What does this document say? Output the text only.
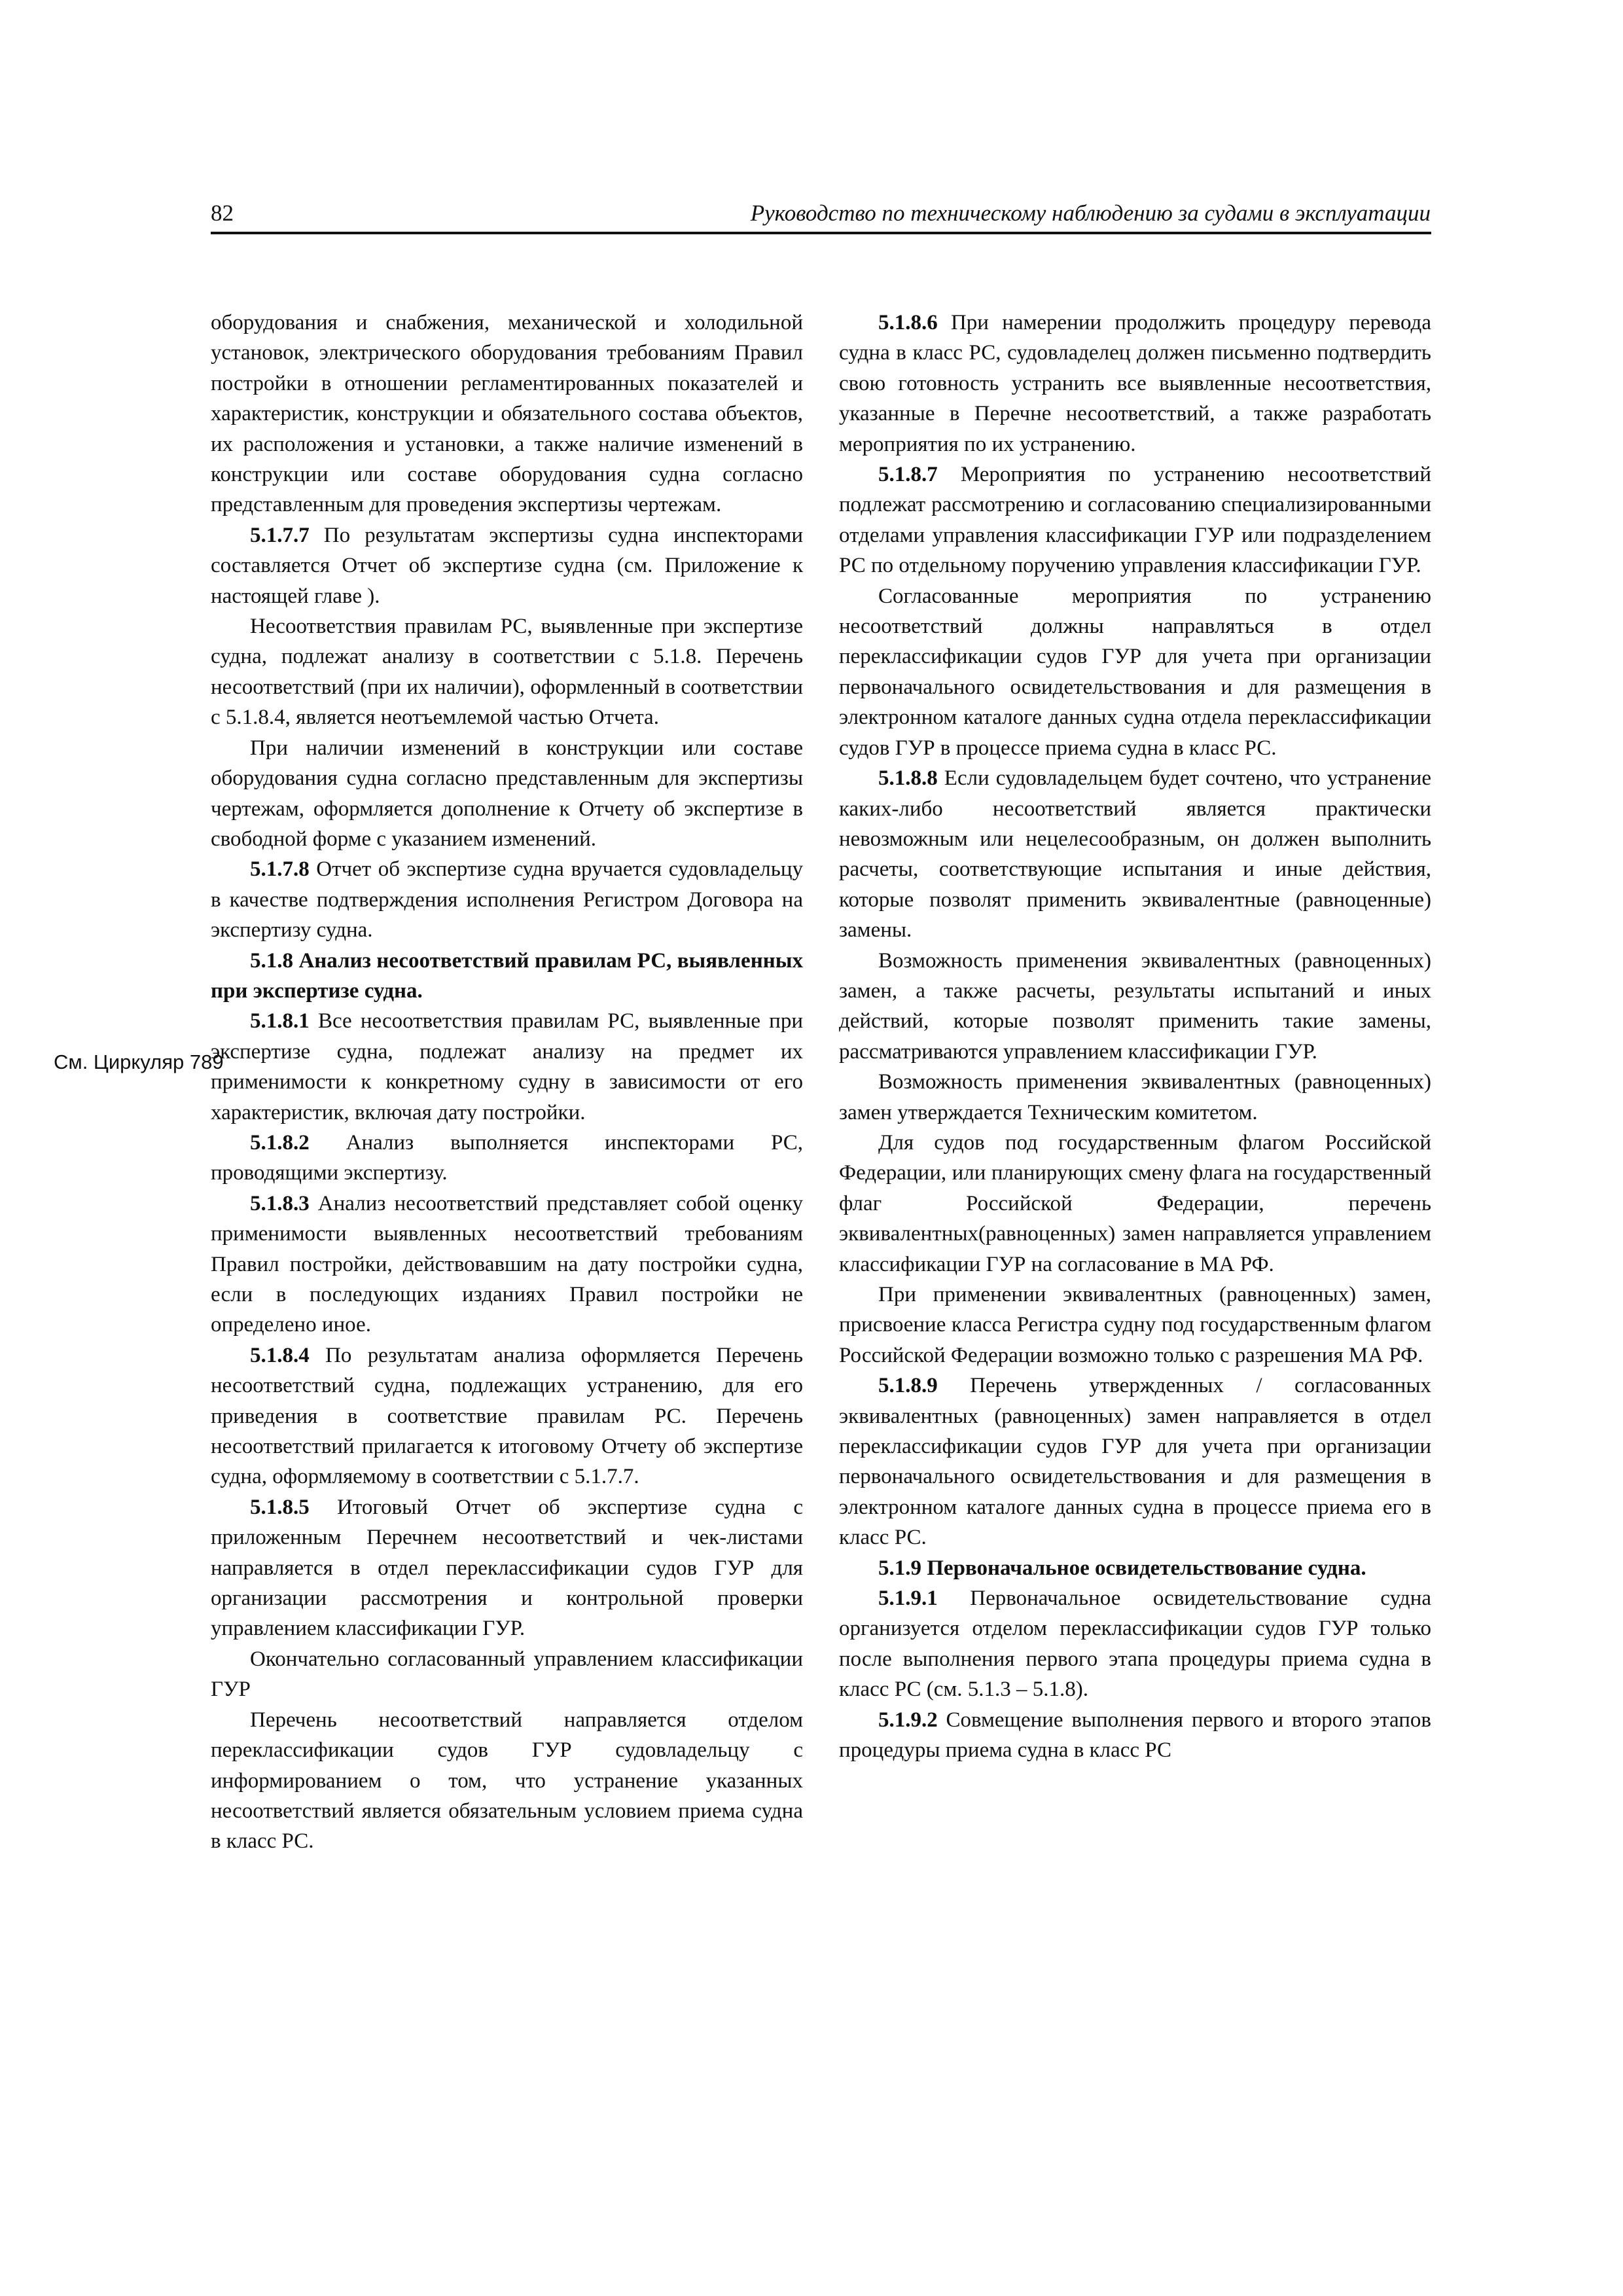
82	Руководство по техническому наблюдению за судами в эксплуатации
См. Циркуляр 789

оборудования и снабжения, механической и холодильной установок, электрического оборудования требованиям Правил постройки в отношении регламентированных показателей и характеристик, конструкции и обязательного состава объектов, их расположения и установки, а также наличие изменений в конструкции или составе оборудования судна согласно представленным для проведения экспертизы чертежам.

5.1.7.7 По результатам экспертизы судна инспекторами составляется Отчет об экспертизе судна (см. Приложение к настоящей главе ).

Несоответствия правилам РС, выявленные при экспертизе судна, подлежат анализу в соответствии с 5.1.8. Перечень несоответствий (при их наличии), оформленный в соответствии с 5.1.8.4, является неотъемлемой частью Отчета.

При наличии изменений в конструкции или составе оборудования судна согласно представленным для экспертизы чертежам, оформляется дополнение к Отчету об экспертизе в свободной форме с указанием изменений.

5.1.7.8 Отчет об экспертизе судна вручается судовладельцу в качестве подтверждения исполнения Регистром Договора на экспертизу судна.

5.1.8 Анализ несоответствий правилам РС, выявленных при экспертизе судна.

5.1.8.1 Все несоответствия правилам РС, выявленные при экспертизе судна, подлежат анализу на предмет их применимости к конкретному судну в зависимости от его характеристик, включая дату постройки.

5.1.8.2 Анализ выполняется инспекторами РС, проводящими экспертизу.

5.1.8.3 Анализ несоответствий представляет собой оценку применимости выявленных несоответствий требованиям Правил постройки, действовавшим на дату постройки судна, если в последующих изданиях Правил постройки не определено иное.

5.1.8.4 По результатам анализа оформляется Перечень несоответствий судна, подлежащих устранению, для его приведения в соответствие правилам РС. Перечень несоответствий прилагается к итоговому Отчету об экспертизе судна, оформляемому в соответствии с 5.1.7.7.

5.1.8.5 Итоговый Отчет об экспертизе судна с приложенным Перечнем несоответствий и чек-листами направляется в отдел переклассификации судов ГУР для организации рассмотрения и контрольной проверки управлением классификации ГУР.

Окончательно согласованный управлением классификации ГУР

Перечень несоответствий направляется отделом переклассификации судов ГУР судовладельцу с информированием о том, что устранение указанных несоответствий является обязательным условием приема судна в класс РС.

5.1.8.6 При намерении продолжить процедуру перевода судна в класс РС, судовладелец должен письменно подтвердить свою готовность устранить все выявленные несоответствия, указанные в Перечне несоответствий, а также разработать мероприятия по их устранению.

5.1.8.7 Мероприятия по устранению несоответствий подлежат рассмотрению и согласованию специализированными отделами управления классификации ГУР или подразделением РС по отдельному поручению управления классификации ГУР.

Согласованные мероприятия по устранению несоответствий должны направляться в отдел переклассификации судов ГУР для учета при организации первоначального освидетельствования и для размещения в электронном каталоге данных судна отдела переклассификации судов ГУР в процессе приема судна в класс РС.

5.1.8.8 Если судовладельцем будет сочтено, что устранение каких-либо несоответствий является практически невозможным или нецелесообразным, он должен выполнить расчеты, соответствующие испытания и иные действия, которые позволят применить эквивалентные (равноценные) замены.

Возможность применения эквивалентных (равноценных) замен, а также расчеты, результаты испытаний и иных действий, которые позволят применить такие замены, рассматриваются управлением классификации ГУР.

Возможность применения эквивалентных (равноценных) замен утверждается Техническим комитетом.

Для судов под государственным флагом Российской Федерации, или планирующих смену флага на государственный флаг Российской Федерации, перечень эквивалентных(равноценных) замен направляется управлением классификации ГУР на согласование в МА РФ.

При применении эквивалентных (равноценных) замен, присвоение класса Регистра судну под государственным флагом Российской Федерации возможно только с разрешения МА РФ.

5.1.8.9 Перечень утвержденных / согласованных эквивалентных (равноценных) замен направляется в отдел переклассификации судов ГУР для учета при организации первоначального освидетельствования и для размещения в электронном каталоге данных судна в процессе приема его в класс РС.

5.1.9 Первоначальное освидетельствование судна.

5.1.9.1 Первоначальное освидетельствование судна организуется отделом переклассификации судов ГУР только после выполнения первого этапа процедуры приема судна в класс РС (см. 5.1.3 – 5.1.8).

5.1.9.2 Совмещение выполнения первого и второго этапов процедуры приема судна в класс РС
